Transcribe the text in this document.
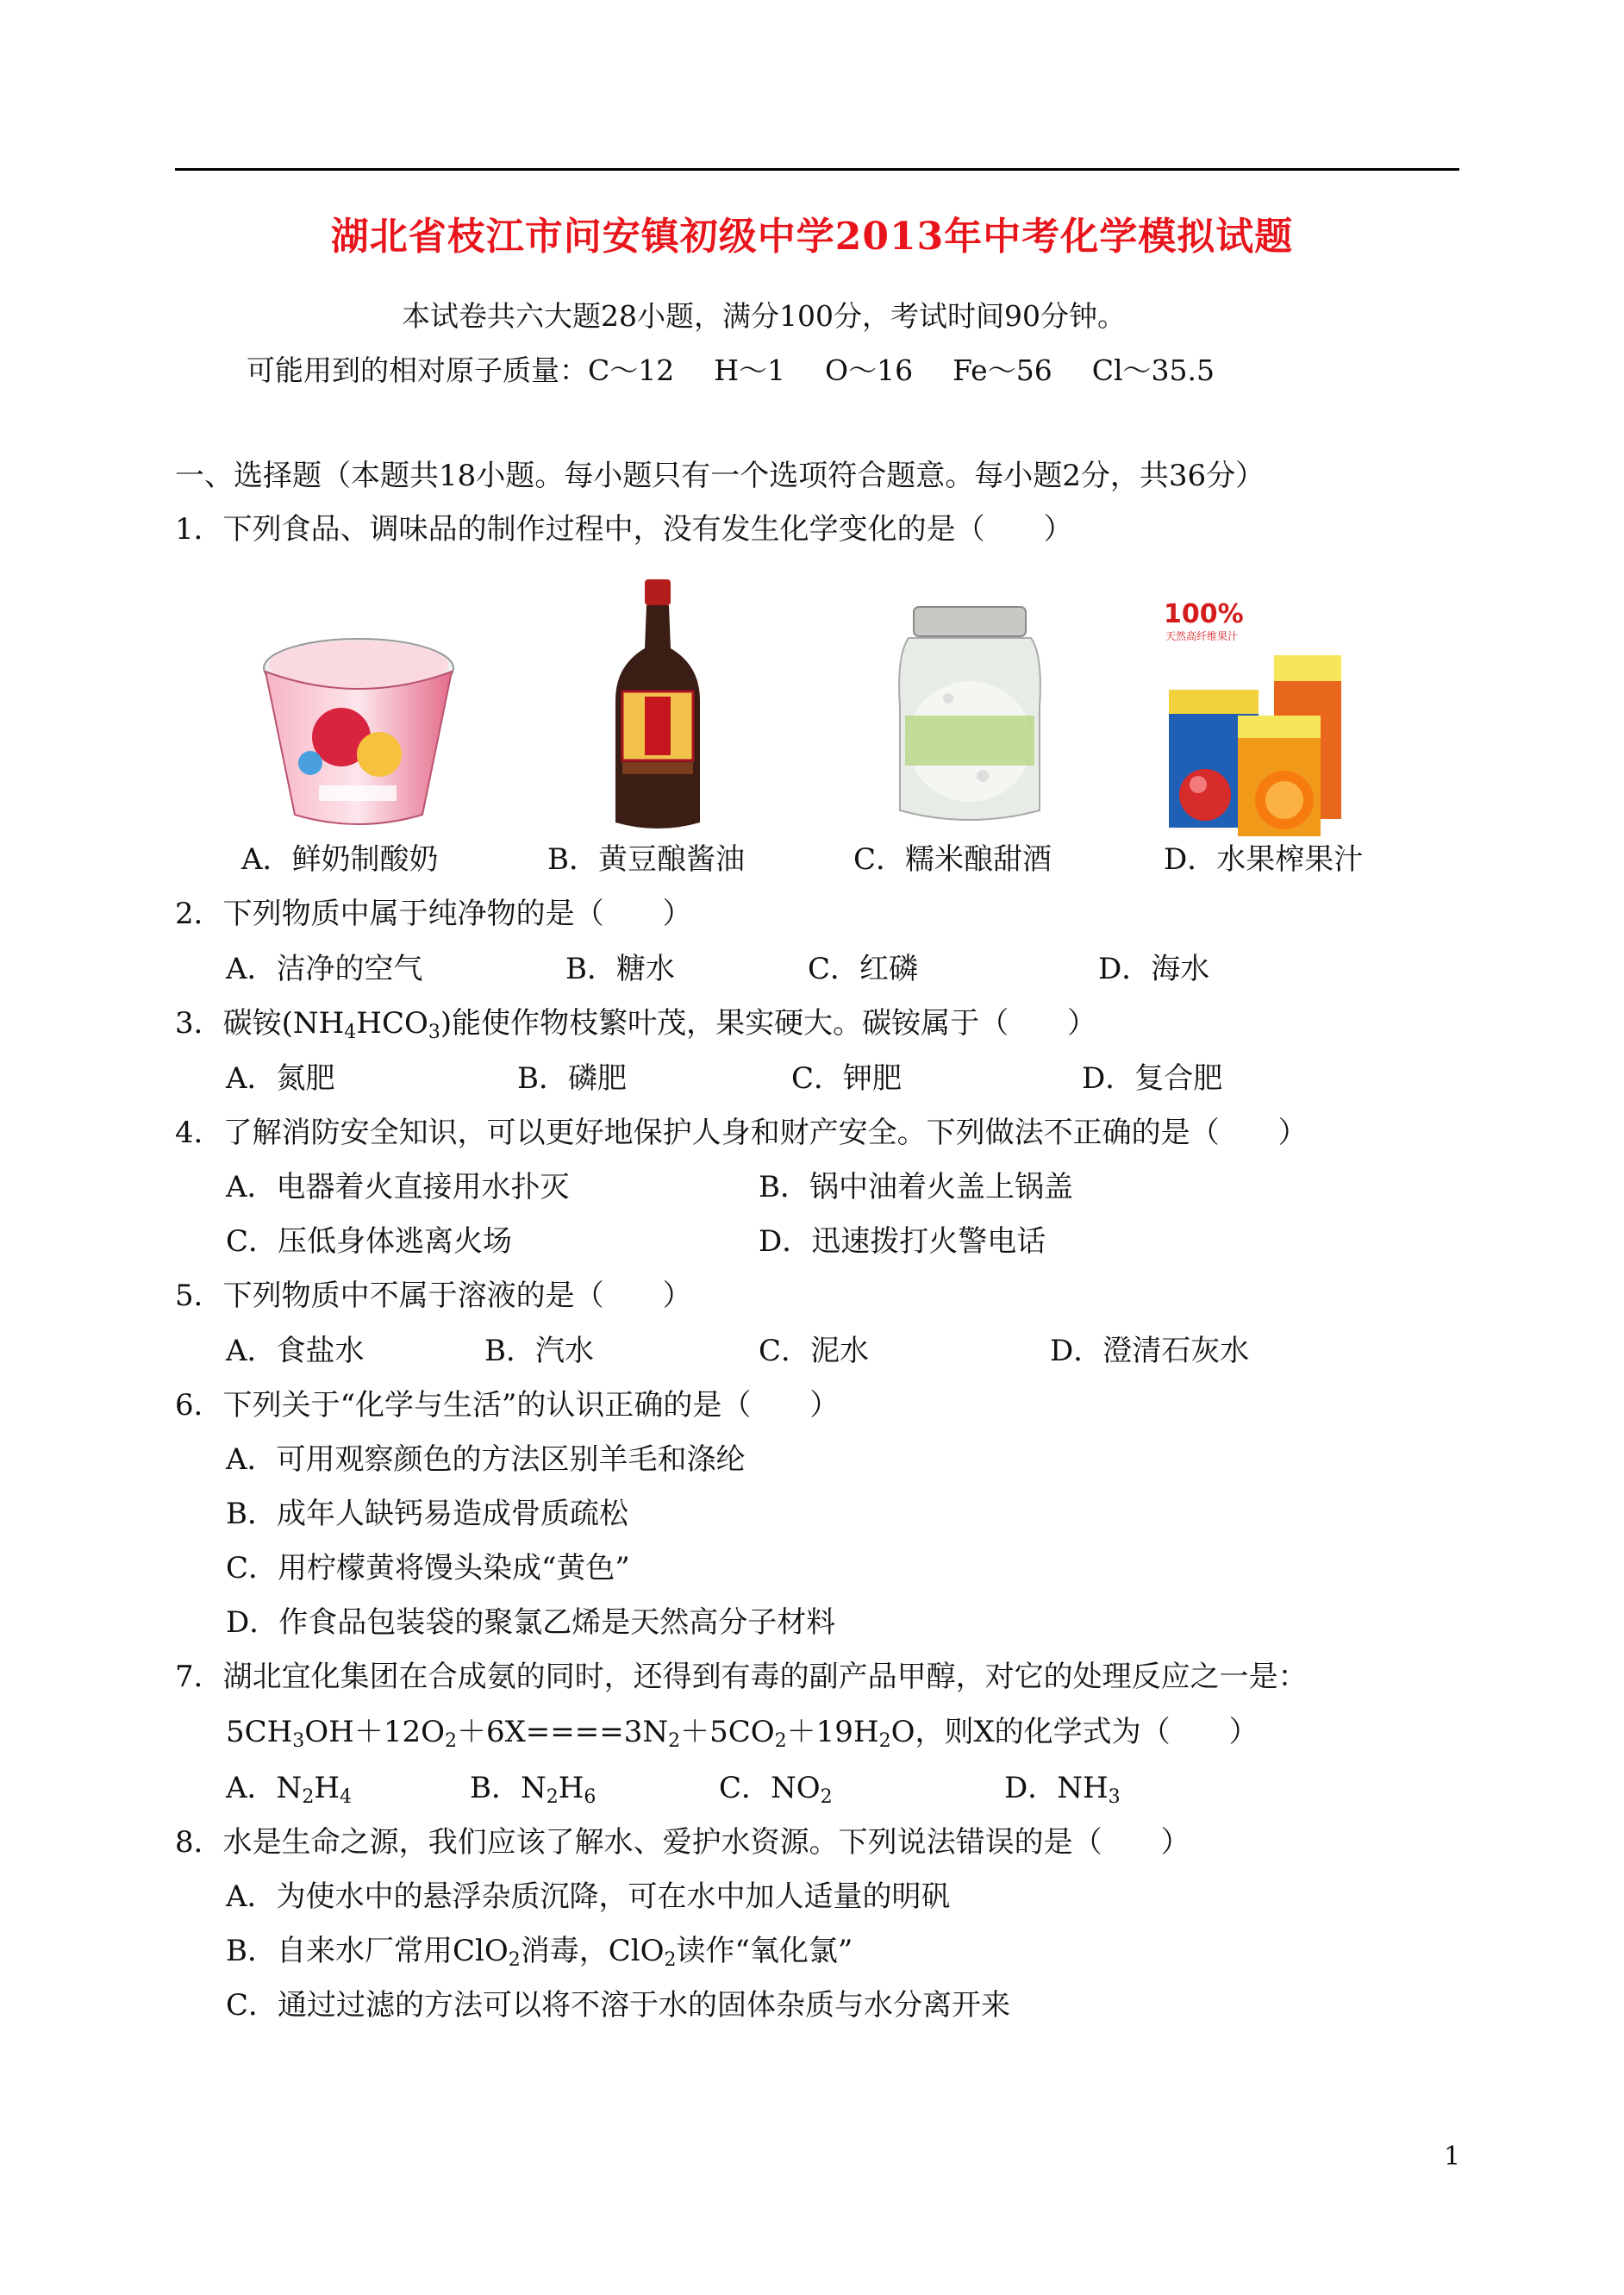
湖北省枝江市问安镇初级中学2013年中考化学模拟试题
本试卷共六大题28小题，满分100分，考试时间90分钟。
可能用到的相对原子质量：C～12 H～1 O～16 Fe～56 Cl～35.5
一、选择题（本题共18小题。每小题只有一个选项符合题意。每小题2分，共36分）
1．下列食品、调味品的制作过程中，没有发生化学变化的是（　　）
100%
天然高纤维果汁
A．鲜奶制酸奶	B．黄豆酿酱油	C．糯米酿甜酒	D．水果榨果汁
2．下列物质中属于纯净物的是（　　）
A．洁净的空气	B．糖水	C．红磷	D．海水
3．碳铵$(NH_4HCO_3)$能使作物枝繁叶茂，果实硬大。碳铵属于（　　）
A．氮肥	B．磷肥	C．钾肥	D．复合肥
4．了解消防安全知识，可以更好地保护人身和财产安全。下列做法不正确的是（　　）
A．电器着火直接用水扑灭	B．锅中油着火盖上锅盖
C．压低身体逃离火场	D．迅速拨打火警电话
5．下列物质中不属于溶液的是（　　）
A．食盐水	B．汽水	C．泥水	D．澄清石灰水
6．下列关于“化学与生活”的认识正确的是（　　）
A．可用观察颜色的方法区别羊毛和涤纶
B．成年人缺钙易造成骨质疏松
C．用柠檬黄将馒头染成“黄色”
D．作食品包装袋的聚氯乙烯是天然高分子材料
7．湖北宜化集团在合成氨的同时，还得到有毒的副产品甲醇，对它的处理反应之一是：
$5CH_3OH+12O_2+6X====3N_2+5CO_2+19H_2O$，则X的化学式为（　　）
A．$N_2H_4$	B．$N_2H_6$	C．$NO_2$	D．$NH_3$
8．水是生命之源，我们应该了解水、爱护水资源。下列说法错误的是（　　）
A．为使水中的悬浮杂质沉降，可在水中加人适量的明矾
B．自来水厂常用ClO$_2$消毒，ClO$_2$读作“氧化氯”
C．通过过滤的方法可以将不溶于水的固体杂质与水分离开来
1
